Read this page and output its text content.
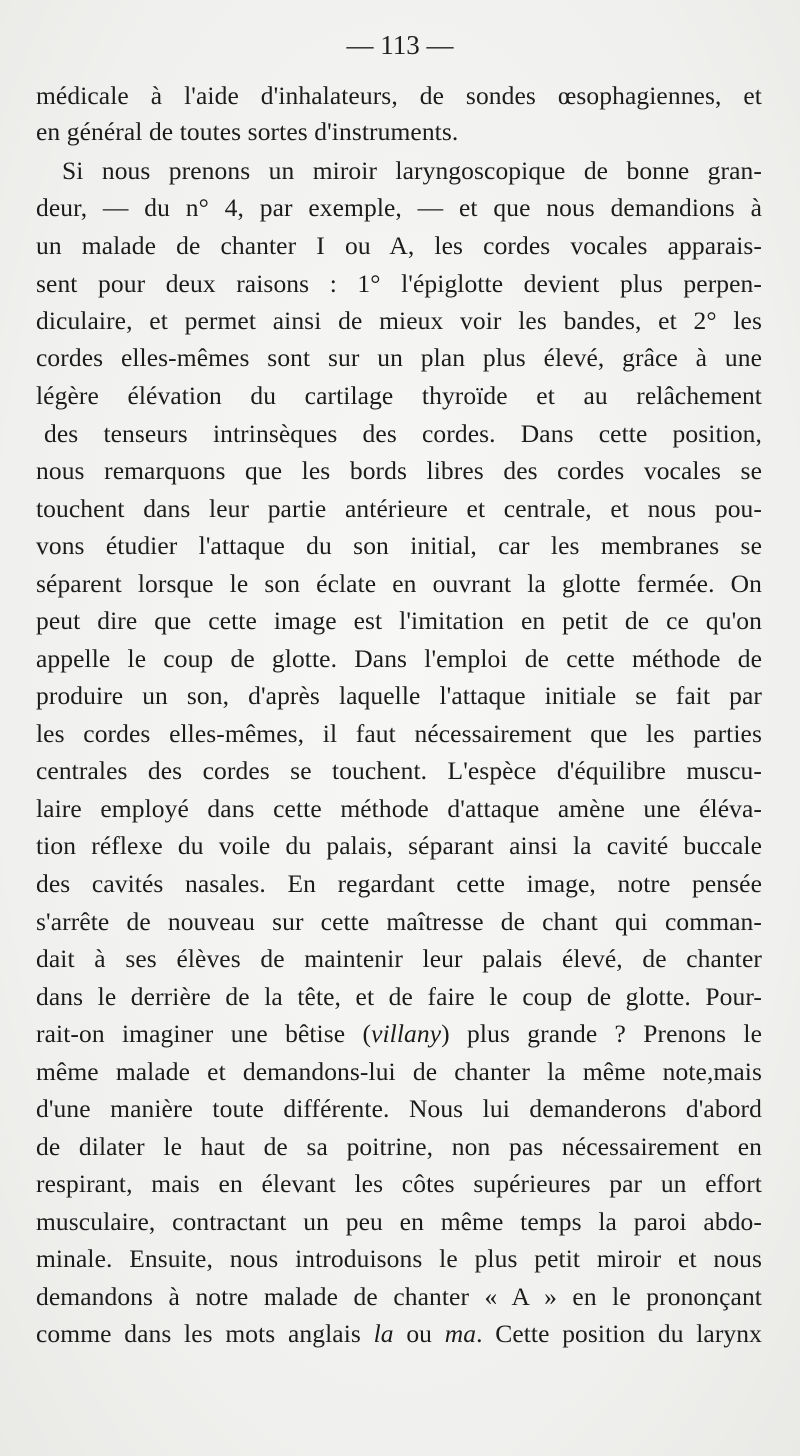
— 113 —
médicale à l'aide d'inhalateurs, de sondes œsophagiennes, et
en général de toutes sortes d'instruments.
Si nous prenons un miroir laryngoscopique de bonne gran-
deur, — du n° 4, par exemple, — et que nous demandions à
un malade de chanter I ou A, les cordes vocales apparais-
sent pour deux raisons : 1° l'épiglotte devient plus perpen-
diculaire, et permet ainsi de mieux voir les bandes, et 2° les
cordes elles-mêmes sont sur un plan plus élevé, grâce à une
légère élévation du cartilage thyroïde et au relâchement
des tenseurs intrinsèques des cordes. Dans cette position,
nous remarquons que les bords libres des cordes vocales se
touchent dans leur partie antérieure et centrale, et nous pou-
vons étudier l'attaque du son initial, car les membranes se
séparent lorsque le son éclate en ouvrant la glotte fermée. On
peut dire que cette image est l'imitation en petit de ce qu'on
appelle le coup de glotte. Dans l'emploi de cette méthode de
produire un son, d'après laquelle l'attaque initiale se fait par
les cordes elles-mêmes, il faut nécessairement que les parties
centrales des cordes se touchent. L'espèce d'équilibre muscu-
laire employé dans cette méthode d'attaque amène une éléva-
tion réflexe du voile du palais, séparant ainsi la cavité buccale
des cavités nasales. En regardant cette image, notre pensée
s'arrête de nouveau sur cette maîtresse de chant qui comman-
dait à ses élèves de maintenir leur palais élevé, de chanter
dans le derrière de la tête, et de faire le coup de glotte. Pour-
rait-on imaginer une bêtise (villany) plus grande ? Prenons le
même malade et demandons-lui de chanter la même note,mais
d'une manière toute différente. Nous lui demanderons d'abord
de dilater le haut de sa poitrine, non pas nécessairement en
respirant, mais en élevant les côtes supérieures par un effort
musculaire, contractant un peu en même temps la paroi abdo-
minale. Ensuite, nous introduisons le plus petit miroir et nous
demandons à notre malade de chanter « A » en le prononçant
comme dans les mots anglais la ou ma. Cette position du larynx
